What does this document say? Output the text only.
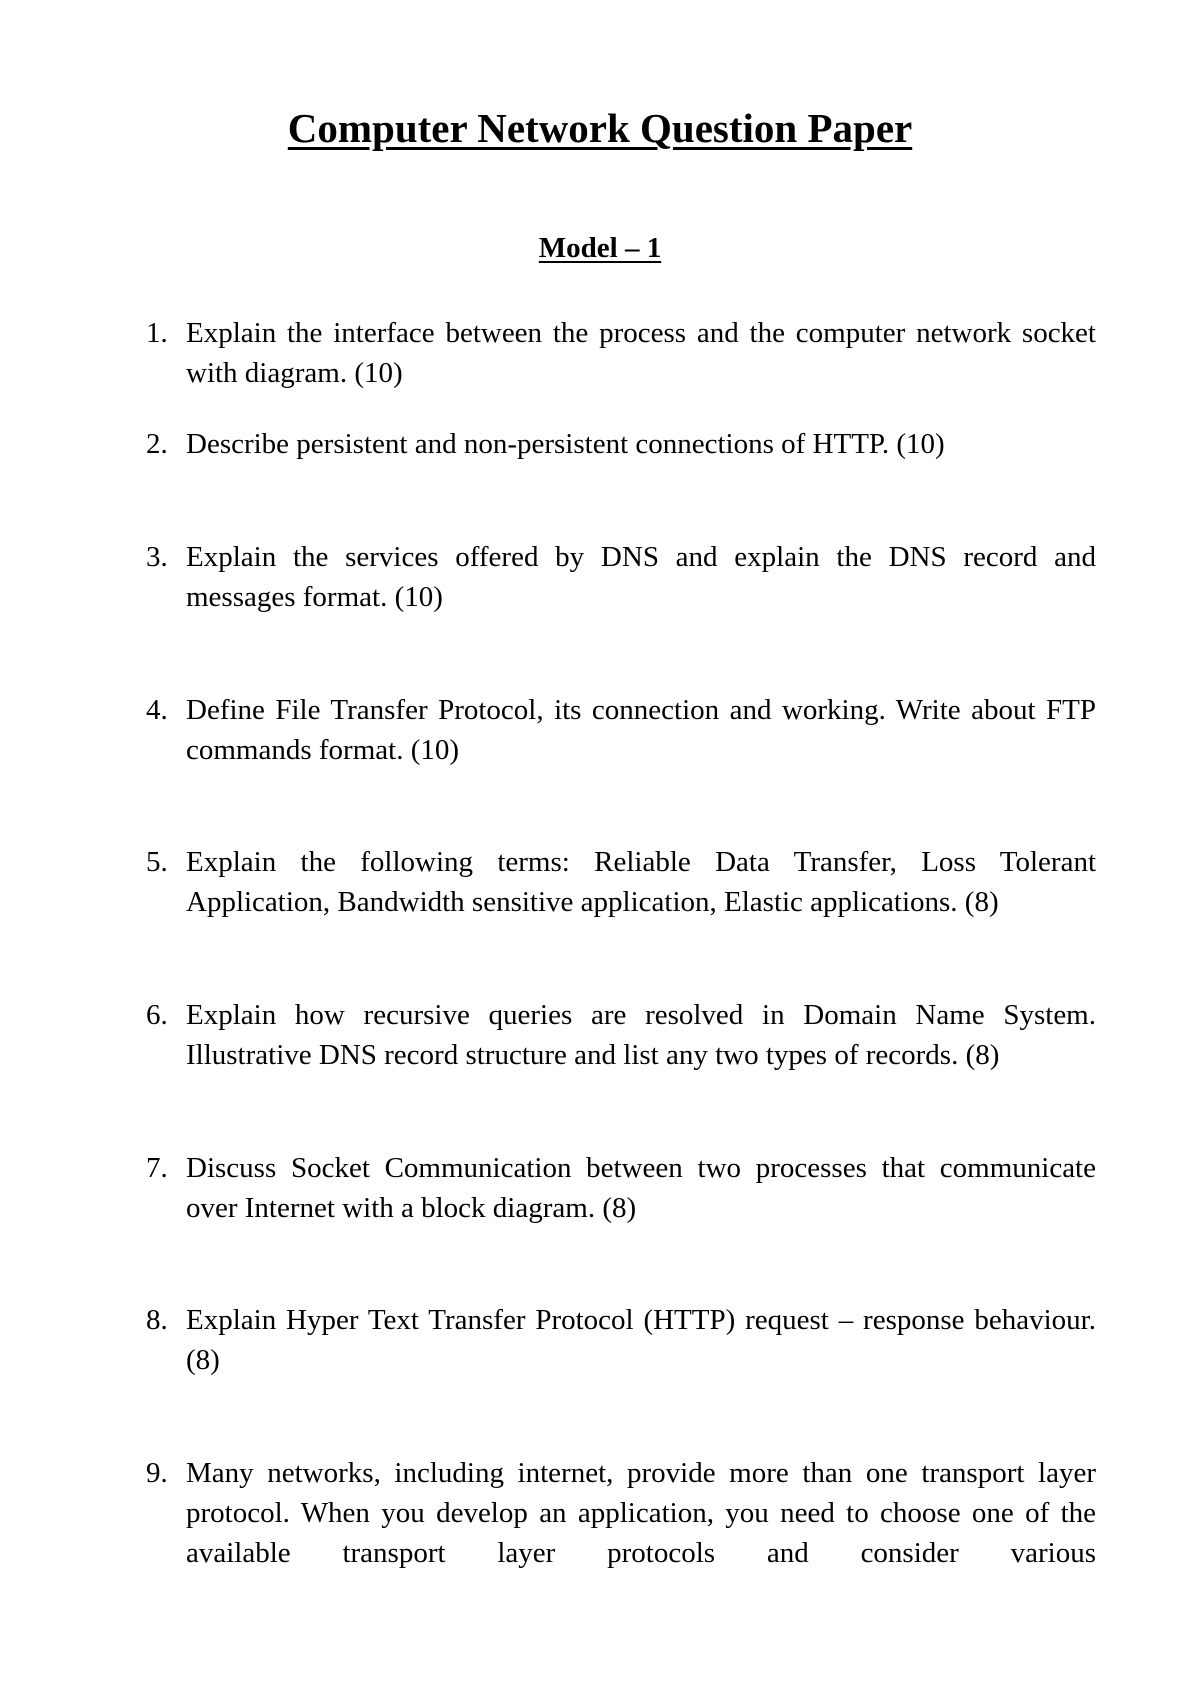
Computer Network Question Paper
Model – 1
1. Explain the interface between the process and the computer network socket with diagram. (10)
2. Describe persistent and non-persistent connections of HTTP. (10)
3. Explain the services offered by DNS and explain the DNS record and messages format. (10)
4. Define File Transfer Protocol, its connection and working. Write about FTP commands format. (10)
5. Explain the following terms: Reliable Data Transfer, Loss Tolerant Application, Bandwidth sensitive application, Elastic applications. (8)
6. Explain how recursive queries are resolved in Domain Name System. Illustrative DNS record structure and list any two types of records. (8)
7. Discuss Socket Communication between two processes that communicate over Internet with a block diagram. (8)
8. Explain Hyper Text Transfer Protocol (HTTP) request – response behaviour. (8)
9. Many networks, including internet, provide more than one transport layer protocol. When you develop an application, you need to choose one of the available transport layer protocols and consider various
